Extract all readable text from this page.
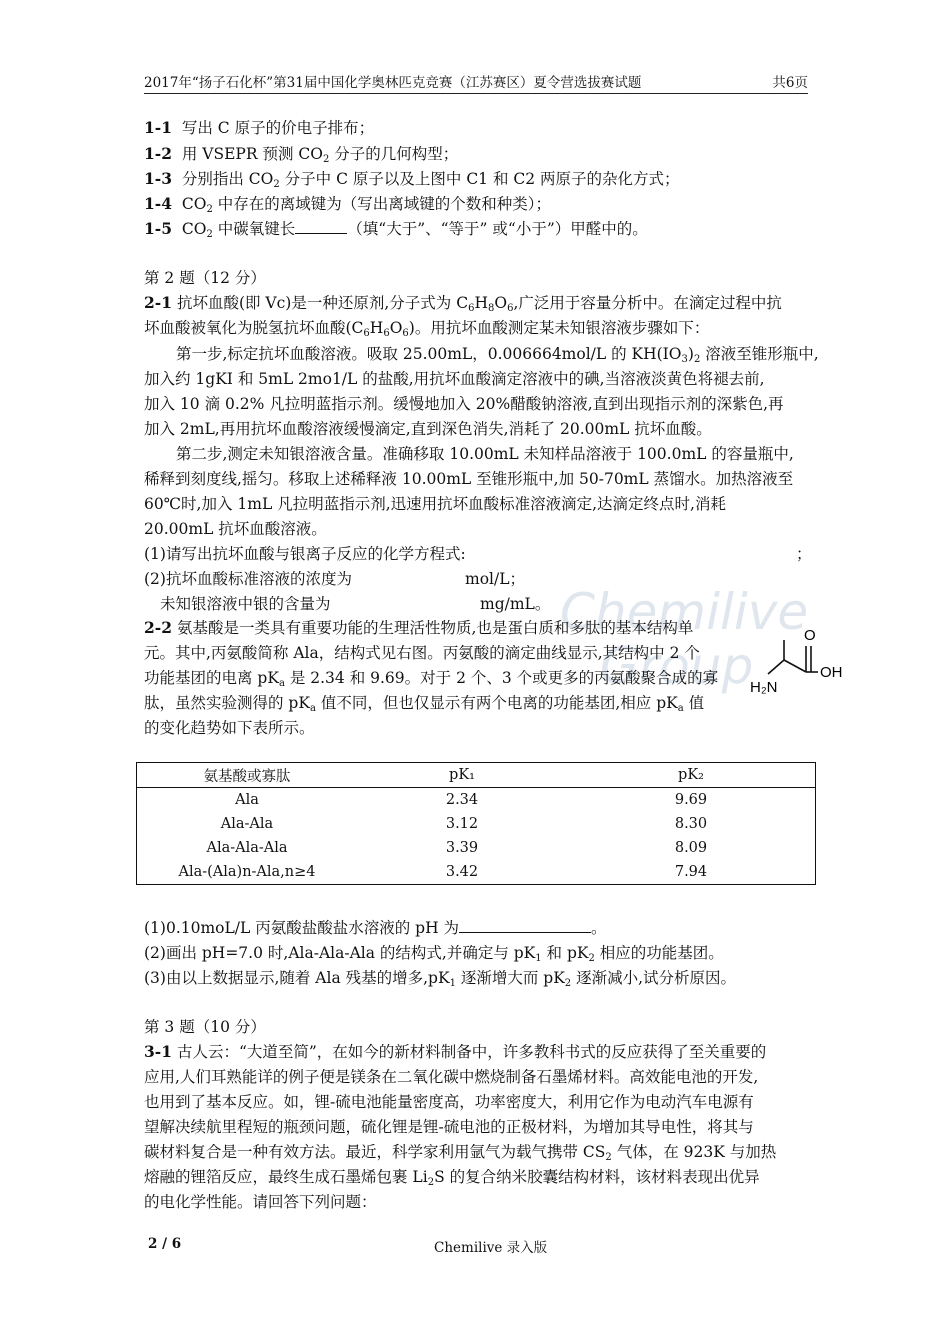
Chemilive
Group
2017年“扬子石化杯”第31届中国化学奥林匹克竞赛（江苏赛区）夏令营选拔赛试题	共6页
1-1 写出 C 原子的价电子排布；
1-2 用 VSEPR 预测 $CO_2$ 分子的几何构型；
1-3 分别指出 $CO_2$ 分子中 C 原子以及上图中 C1 和 C2 两原子的杂化方式；
1-4  $CO_2$ 中存在的离域键为（写出离域键的个数和种类）；
1-5  $CO_2$ 中碳氧键长	（填“大于”、“等于” 或“小于”）甲醛中的。
第 2 题（12 分）
2-1 抗坏血酸(即 Vc)是一种还原剂,分子式为 $C_6H_8O_6$,广泛用于容量分析中。在滴定过程中抗
坏血酸被氧化为脱氢抗坏血酸$(C_6H_6O_6)$。用抗坏血酸测定某未知银溶液步骤如下：
第一步,标定抗坏血酸溶液。吸取 25.00mL，0.006664mol/L 的 $KH(IO_3)_2$ 溶液至锥形瓶中,
加入约 1gKI 和 5mL 2mo1/L 的盐酸,用抗坏血酸滴定溶液中的碘,当溶液淡黄色将褪去前,
加入 10 滴 0.2% 凡拉明蓝指示剂。缓慢地加入 20%醋酸钠溶液,直到出现指示剂的深紫色,再
加入 2mL,再用抗坏血酸溶液缓慢滴定,直到深色消失,消耗了 20.00mL 抗坏血酸。
第二步,测定未知银溶液含量。准确移取 10.00mL 未知样品溶液于 100.0mL 的容量瓶中,
稀释到刻度线,摇匀。移取上述稀释液 10.00mL 至锥形瓶中,加 50-70mL 蒸馏水。加热溶液至
60℃时,加入 1mL 凡拉明蓝指示剂,迅速用抗坏血酸标准溶液滴定,达滴定终点时,消耗
20.00mL 抗坏血酸溶液。
(1)请写出抗坏血酸与银离子反应的化学方程式:	；
(2)抗坏血酸标准溶液的浓度为	mol/L；
未知银溶液中银的含量为	mg/mL。
2-2 氨基酸是一类具有重要功能的生理活性物质,也是蛋白质和多肽的基本结构单
元。其中,丙氨酸简称 Ala，结构式见右图。丙氨酸的滴定曲线显示,其结构中 2 个
功能基团的电离 $pK_a$ 是 2.34 和 9.69。对于 2 个、3 个或更多的丙氨酸聚合成的寡
肽，虽然实验测得的 $pK_a$ 值不同，但也仅显示有两个电离的功能基团,相应 $pK_a$ 值
的变化趋势如下表所示。
O
OH
H₂N
氨基酸或寡肽	pK₁	pK₂
Ala	2.34	9.69
Ala-Ala	3.12	8.30
Ala-Ala-Ala	3.39	8.09
Ala-(Ala)n-Ala,n≥4	3.42	7.94
(1)0.10moL/L 丙氨酸盐酸盐水溶液的 pH 为	。
(2)画出 pH=7.0 时,Ala-Ala-Ala 的结构式,并确定与 $pK_1$ 和 $pK_2$ 相应的功能基团。
(3)由以上数据显示,随着 Ala 残基的增多$,pK_1$ 逐渐增大而 $pK_2$ 逐渐减小,试分析原因。
第 3 题（10 分）
3-1 古人云：“大道至简”，在如今的新材料制备中，许多教科书式的反应获得了至关重要的
应用,人们耳熟能详的例子便是镁条在二氧化碳中燃烧制备石墨烯材料。高效能电池的开发,
也用到了基本反应。如，锂-硫电池能量密度高，功率密度大，利用它作为电动汽车电源有
望解决续航里程短的瓶颈问题，硫化锂是锂-硫电池的正极材料，为增加其导电性，将其与
碳材料复合是一种有效方法。最近，科学家利用氩气为载气携带 $CS_2$ 气体，在 923K 与加热
熔融的锂箔反应，最终生成石墨烯包裹 $Li_2S$ 的复合纳米胶囊结构材料，该材料表现出优异
的电化学性能。请回答下列问题：
2 / 6	Chemilive 录入版
